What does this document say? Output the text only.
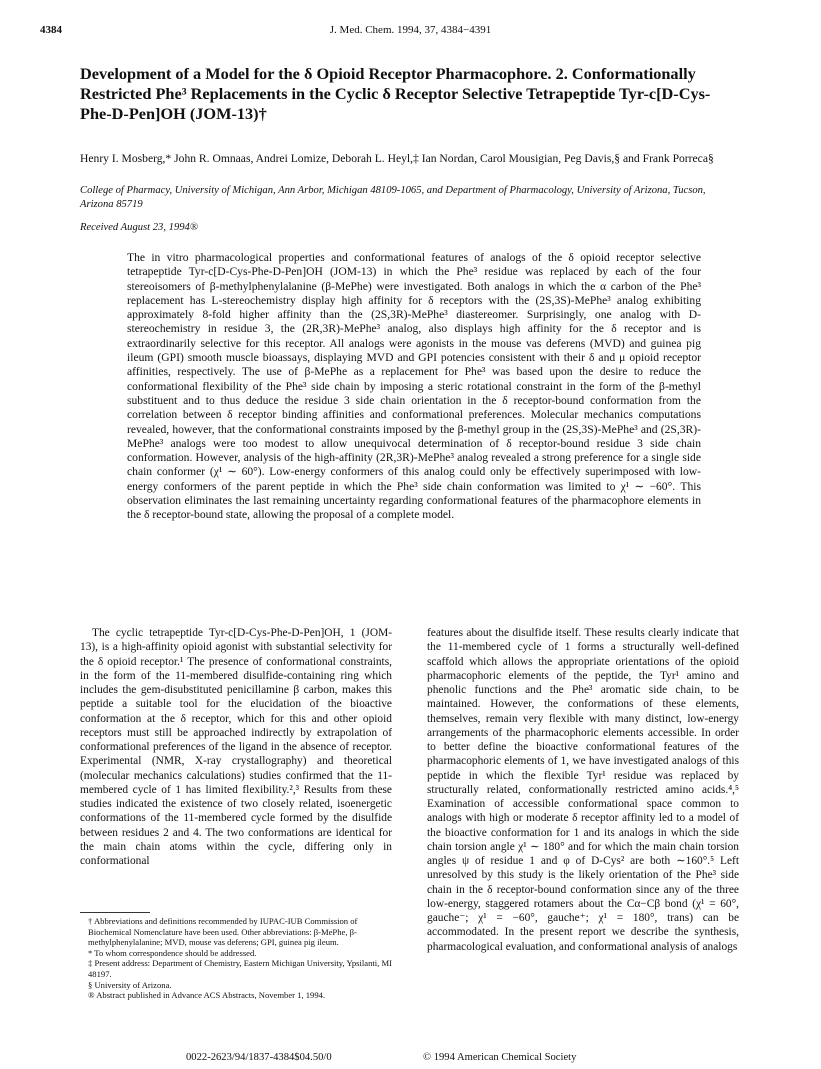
4384	J. Med. Chem. 1994, 37, 4384−4391
Development of a Model for the δ Opioid Receptor Pharmacophore. 2. Conformationally Restricted Phe³ Replacements in the Cyclic δ Receptor Selective Tetrapeptide Tyr-c[D-Cys-Phe-D-Pen]OH (JOM-13)†
Henry I. Mosberg,* John R. Omnaas, Andrei Lomize, Deborah L. Heyl,‡ Ian Nordan, Carol Mousigian, Peg Davis,§ and Frank Porreca§
College of Pharmacy, University of Michigan, Ann Arbor, Michigan 48109-1065, and Department of Pharmacology, University of Arizona, Tucson, Arizona 85719
Received August 23, 1994®

The in vitro pharmacological properties and conformational features of analogs of the δ opioid receptor selective tetrapeptide Tyr-c[D-Cys-Phe-D-Pen]OH (JOM-13) in which the Phe³ residue was replaced by each of the four stereoisomers of β-methylphenylalanine (β-MePhe) were investigated. Both analogs in which the α carbon of the Phe³ replacement has L-stereochemistry display high affinity for δ receptors with the (2S,3S)-MePhe³ analog exhibiting approximately 8-fold higher affinity than the (2S,3R)-MePhe³ diastereomer. Surprisingly, one analog with D-stereochemistry in residue 3, the (2R,3R)-MePhe³ analog, also displays high affinity for the δ receptor and is extraordinarily selective for this receptor. All analogs were agonists in the mouse vas deferens (MVD) and guinea pig ileum (GPI) smooth muscle bioassays, displaying MVD and GPI potencies consistent with their δ and μ opioid receptor affinities, respectively. The use of β-MePhe as a replacement for Phe³ was based upon the desire to reduce the conformational flexibility of the Phe³ side chain by imposing a steric rotational constraint in the form of the β-methyl substituent and to thus deduce the residue 3 side chain orientation in the δ receptor-bound conformation from the correlation between δ receptor binding affinities and conformational preferences. Molecular mechanics computations revealed, however, that the conformational constraints imposed by the β-methyl group in the (2S,3S)-MePhe³ and (2S,3R)-MePhe³ analogs were too modest to allow unequivocal determination of δ receptor-bound residue 3 side chain conformation. However, analysis of the high-affinity (2R,3R)-MePhe³ analog revealed a strong preference for a single side chain conformer (χ¹ ∼ 60°). Low-energy conformers of this analog could only be effectively superimposed with low-energy conformers of the parent peptide in which the Phe³ side chain conformation was limited to χ¹ ∼ −60°. This observation eliminates the last remaining uncertainty regarding conformational features of the pharmacophore elements in the δ receptor-bound state, allowing the proposal of a complete model.

The cyclic tetrapeptide Tyr-c[D-Cys-Phe-D-Pen]OH, 1 (JOM-13), is a high-affinity opioid agonist with substantial selectivity for the δ opioid receptor.¹ The presence of conformational constraints, in the form of the 11-membered disulfide-containing ring which includes the gem-disubstituted penicillamine β carbon, makes this peptide a suitable tool for the elucidation of the bioactive conformation at the δ receptor, which for this and other opioid receptors must still be approached indirectly by extrapolation of conformational preferences of the ligand in the absence of receptor. Experimental (NMR, X-ray crystallography) and theoretical (molecular mechanics calculations) studies confirmed that the 11-membered cycle of 1 has limited flexibility.²,³ Results from these studies indicated the existence of two closely related, isoenergetic conformations of the 11-membered cycle formed by the disulfide between residues 2 and 4. The two conformations are identical for the main chain atoms within the cycle, differing only in conformational

features about the disulfide itself. These results clearly indicate that the 11-membered cycle of 1 forms a structurally well-defined scaffold which allows the appropriate orientations of the opioid pharmacophoric elements of the peptide, the Tyr¹ amino and phenolic functions and the Phe³ aromatic side chain, to be maintained. However, the conformations of these elements, themselves, remain very flexible with many distinct, low-energy arrangements of the pharmacophoric elements accessible. In order to better define the bioactive conformational features of the pharmacophoric elements of 1, we have investigated analogs of this peptide in which the flexible Tyr¹ residue was replaced by structurally related, conformationally restricted amino acids.⁴,⁵ Examination of accessible conformational space common to analogs with high or moderate δ receptor affinity led to a model of the bioactive conformation for 1 and its analogs in which the side chain torsion angle χ¹ ∼ 180° and for which the main chain torsion angles ψ of residue 1 and φ of D-Cys² are both ∼160°.⁵ Left unresolved by this study is the likely orientation of the Phe³ side chain in the δ receptor-bound conformation since any of the three low-energy, staggered rotamers about the Cα−Cβ bond (χ¹ = 60°, gauche⁻; χ¹ = −60°, gauche⁺; χ¹ = 180°, trans) can be accommodated. In the present report we describe the synthesis, pharmacological evaluation, and conformational analysis of analogs

† Abbreviations and definitions recommended by IUPAC-IUB Commission of Biochemical Nomenclature have been used. Other abbreviations: β-MePhe, β-methylphenylalanine; MVD, mouse vas deferens; GPI, guinea pig ileum.

* To whom correspondence should be addressed.

‡ Present address: Department of Chemistry, Eastern Michigan University, Ypsilanti, MI 48197.

§ University of Arizona.

® Abstract published in Advance ACS Abstracts, November 1, 1994.

0022-2623/94/1837-4384$04.50/0	© 1994 American Chemical Society
